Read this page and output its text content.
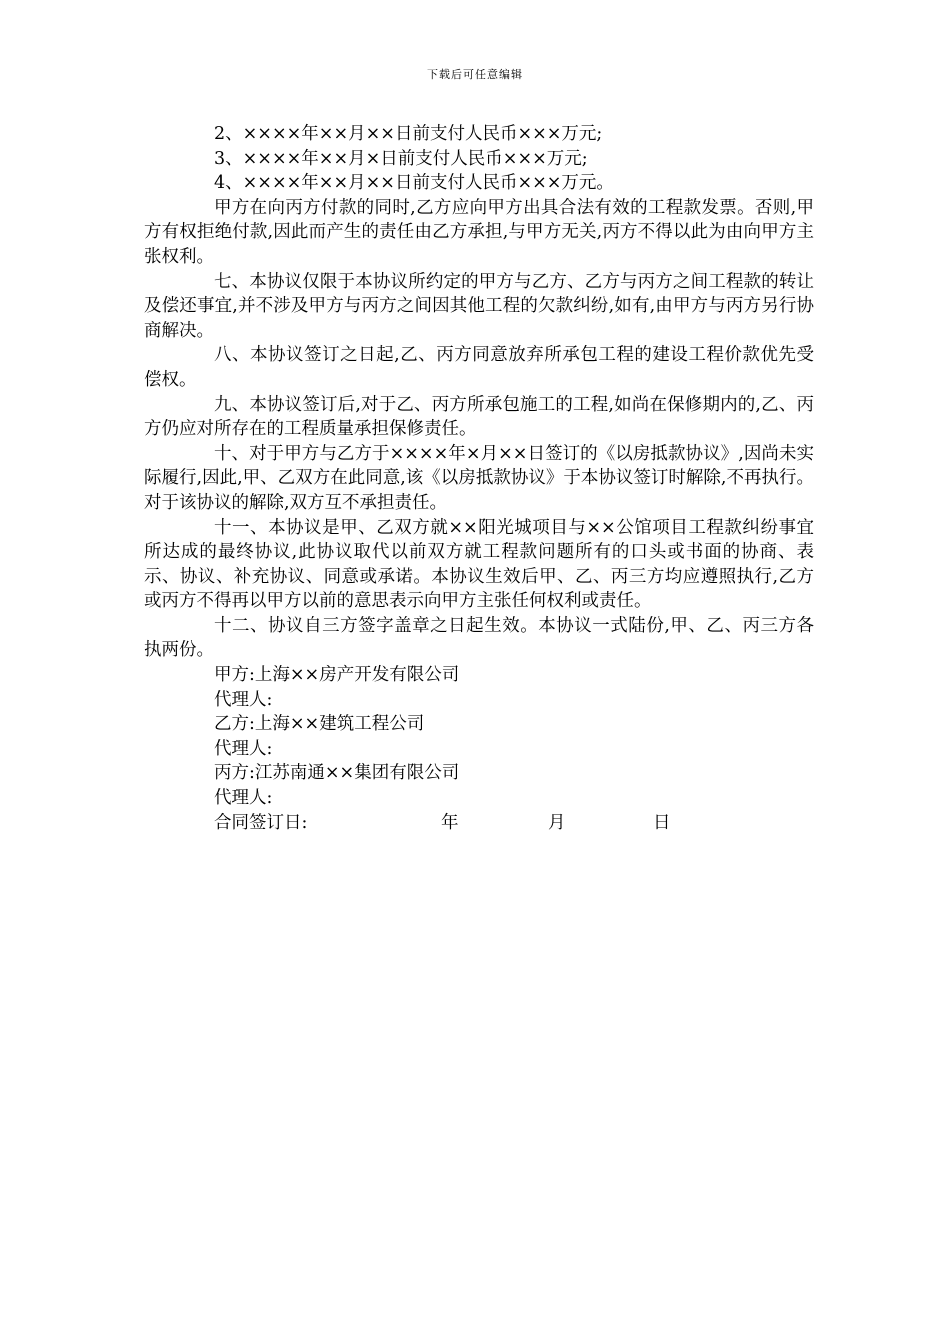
下载后可任意编辑

2、××××年××月××日前支付人民币×××万元;

3、××××年××月×日前支付人民币×××万元;

4、××××年××月××日前支付人民币×××万元。

甲方在向丙方付款的同时,乙方应向甲方出具合法有效的工程款发票。否则,甲方有权拒绝付款,因此而产生的责任由乙方承担,与甲方无关,丙方不得以此为由向甲方主张权利。

七、本协议仅限于本协议所约定的甲方与乙方、乙方与丙方之间工程款的转让及偿还事宜,并不涉及甲方与丙方之间因其他工程的欠款纠纷,如有,由甲方与丙方另行协商解决。

八、本协议签订之日起,乙、丙方同意放弃所承包工程的建设工程价款优先受偿权。

九、本协议签订后,对于乙、丙方所承包施工的工程,如尚在保修期内的,乙、丙方仍应对所存在的工程质量承担保修责任。

十、对于甲方与乙方于××××年×月××日签订的《以房抵款协议》,因尚未实际履行,因此,甲、乙双方在此同意,该《以房抵款协议》于本协议签订时解除,不再执行。对于该协议的解除,双方互不承担责任。

十一、本协议是甲、乙双方就××阳光城项目与××公馆项目工程款纠纷事宜所达成的最终协议,此协议取代以前双方就工程款问题所有的口头或书面的协商、表示、协议、补充协议、同意或承诺。本协议生效后甲、乙、丙三方均应遵照执行,乙方或丙方不得再以甲方以前的意思表示向甲方主张任何权利或责任。

十二、协议自三方签字盖章之日起生效。本协议一式陆份,甲、乙、丙三方各执两份。

甲方:上海××房产开发有限公司
代理人:
乙方:上海××建筑工程公司
代理人:
丙方:江苏南通××集团有限公司
代理人:
合同签订日:	年	月	日
